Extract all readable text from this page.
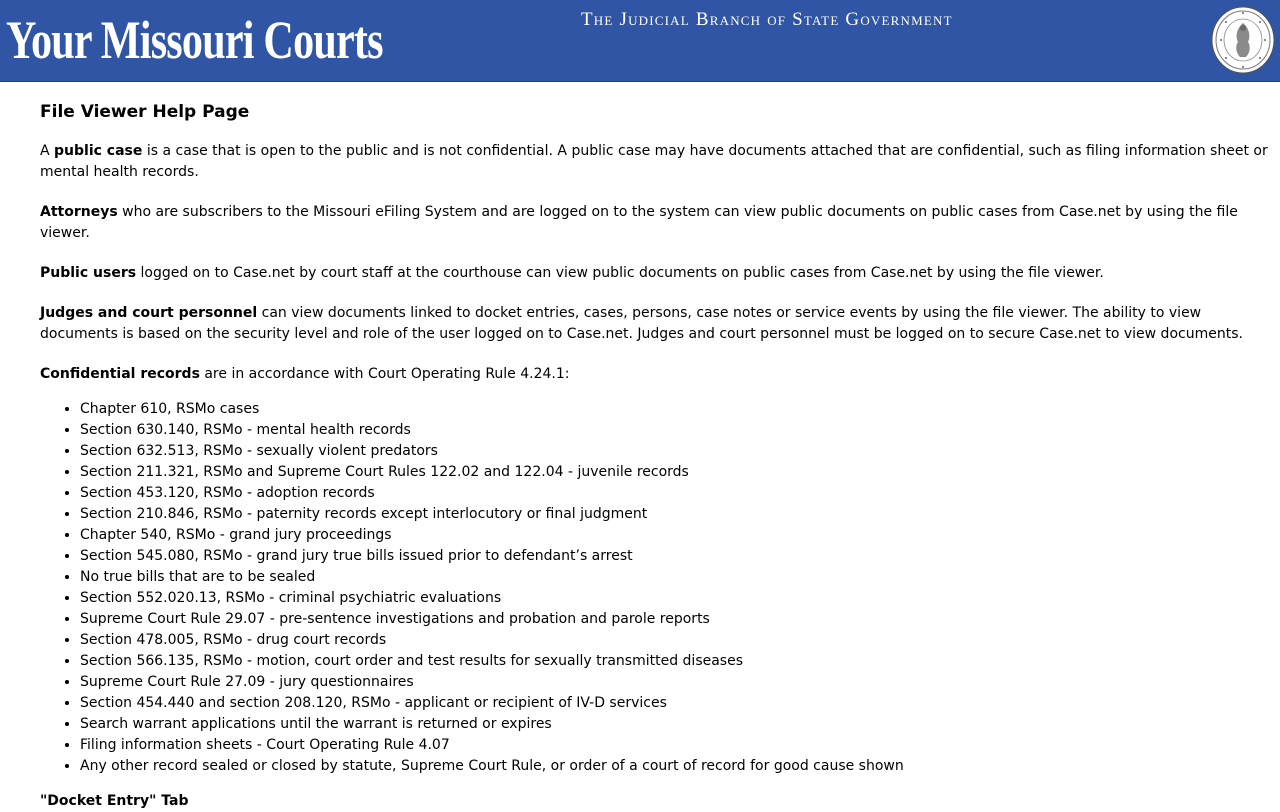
Your Missouri Courts	The Judicial Branch of State Government
File Viewer Help Page

A public case is a case that is open to the public and is not confidential. A public case may have documents attached that are confidential, such as filing information sheet or mental health records.

Attorneys who are subscribers to the Missouri eFiling System and are logged on to the system can view public documents on public cases from Case.net by using the file viewer.

Public users logged on to Case.net by court staff at the courthouse can view public documents on public cases from Case.net by using the file viewer.

Judges and court personnel can view documents linked to docket entries, cases, persons, case notes or service events by using the file viewer. The ability to view documents is based on the security level and role of the user logged on to Case.net. Judges and court personnel must be logged on to secure Case.net to view documents.

Confidential records are in accordance with Court Operating Rule 4.24.1:

• Chapter 610, RSMo cases
• Section 630.140, RSMo - mental health records
• Section 632.513, RSMo - sexually violent predators
• Section 211.321, RSMo and Supreme Court Rules 122.02 and 122.04 - juvenile records
• Section 453.120, RSMo - adoption records
• Section 210.846, RSMo - paternity records except interlocutory or final judgment
• Chapter 540, RSMo - grand jury proceedings
• Section 545.080, RSMo - grand jury true bills issued prior to defendant’s arrest
• No true bills that are to be sealed
• Section 552.020.13, RSMo - criminal psychiatric evaluations
• Supreme Court Rule 29.07 - pre-sentence investigations and probation and parole reports
• Section 478.005, RSMo - drug court records
• Section 566.135, RSMo - motion, court order and test results for sexually transmitted diseases
• Supreme Court Rule 27.09 - jury questionnaires
• Section 454.440 and section 208.120, RSMo - applicant or recipient of IV-D services
• Search warrant applications until the warrant is returned or expires
• Filing information sheets - Court Operating Rule 4.07
• Any other record sealed or closed by statute, Supreme Court Rule, or order of a court of record for good cause shown
"Docket Entry" Tab
